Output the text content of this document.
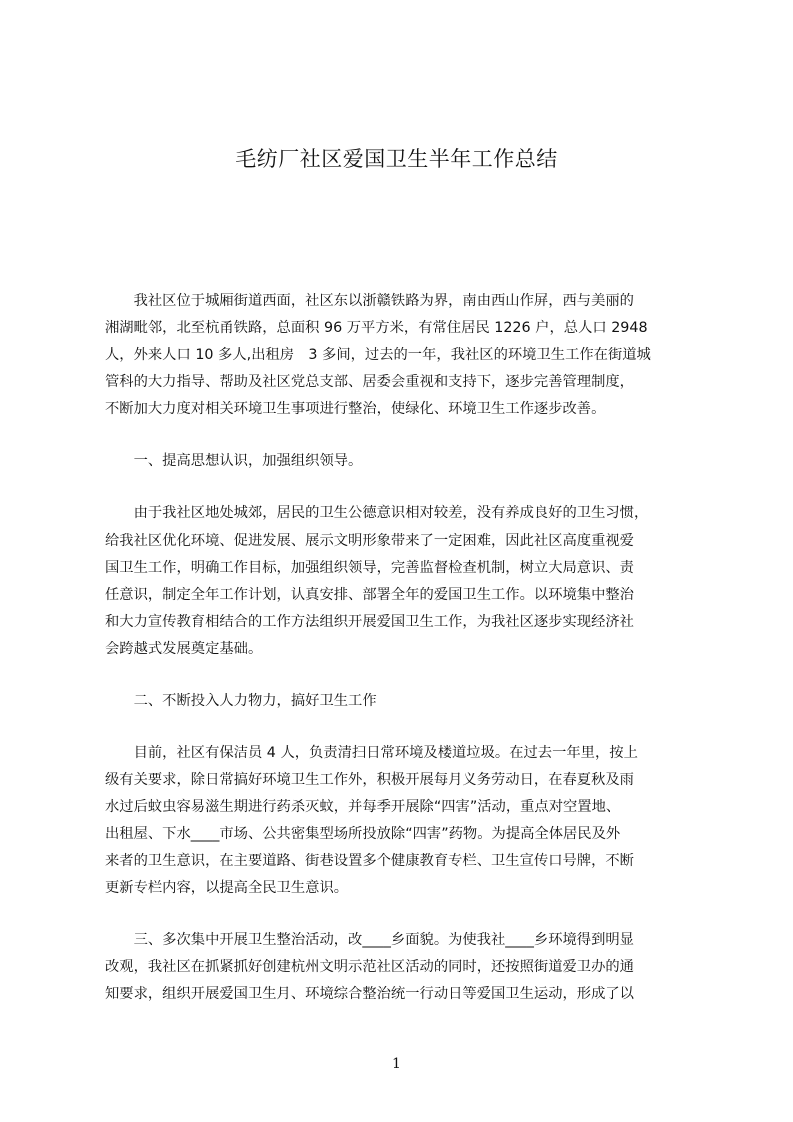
毛纺厂社区爱国卫生半年工作总结
　　我社区位于城厢街道西面，社区东以浙赣铁路为界，南由西山作屏，西与美丽的
湘湖毗邻，北至杭甬铁路，总面积 96 万平方米，有常住居民 1226 户，总人口 2948
人，外来人口 10 多人,出租房　3 多间，过去的一年，我社区的环境卫生工作在街道城
管科的大力指导、帮助及社区党总支部、居委会重视和支持下，逐步完善管理制度，
不断加大力度对相关环境卫生事项进行整治，使绿化、环境卫生工作逐步改善。
　　一、提高思想认识，加强组织领导。
　　由于我社区地处城郊，居民的卫生公德意识相对较差，没有养成良好的卫生习惯，
给我社区优化环境、促进发展、展示文明形象带来了一定困难，因此社区高度重视爱
国卫生工作，明确工作目标，加强组织领导，完善监督检查机制，树立大局意识、责
任意识，制定全年工作计划，认真安排、部署全年的爱国卫生工作。以环境集中整治
和大力宣传教育相结合的工作方法组织开展爱国卫生工作，为我社区逐步实现经济社
会跨越式发展奠定基础。
　　二、不断投入人力物力，搞好卫生工作
　　目前，社区有保洁员 4 人，负责清扫日常环境及楼道垃圾。在过去一年里，按上
级有关要求，除日常搞好环境卫生工作外，积极开展每月义务劳动日，在春夏秋及雨
水过后蚊虫容易滋生期进行药杀灭蚊，并每季开展除“四害”活动，重点对空置地、
出租屋、下水____市场、公共密集型场所投放除“四害”药物。为提高全体居民及外
来者的卫生意识，在主要道路、街巷设置多个健康教育专栏、卫生宣传口号牌，不断
更新专栏内容，以提高全民卫生意识。
　　三、多次集中开展卫生整治活动，改____乡面貌。为使我社____乡环境得到明显
改观，我社区在抓紧抓好创建杭州文明示范社区活动的同时，还按照街道爱卫办的通
知要求，组织开展爱国卫生月、环境综合整治统一行动日等爱国卫生运动，形成了以
1
